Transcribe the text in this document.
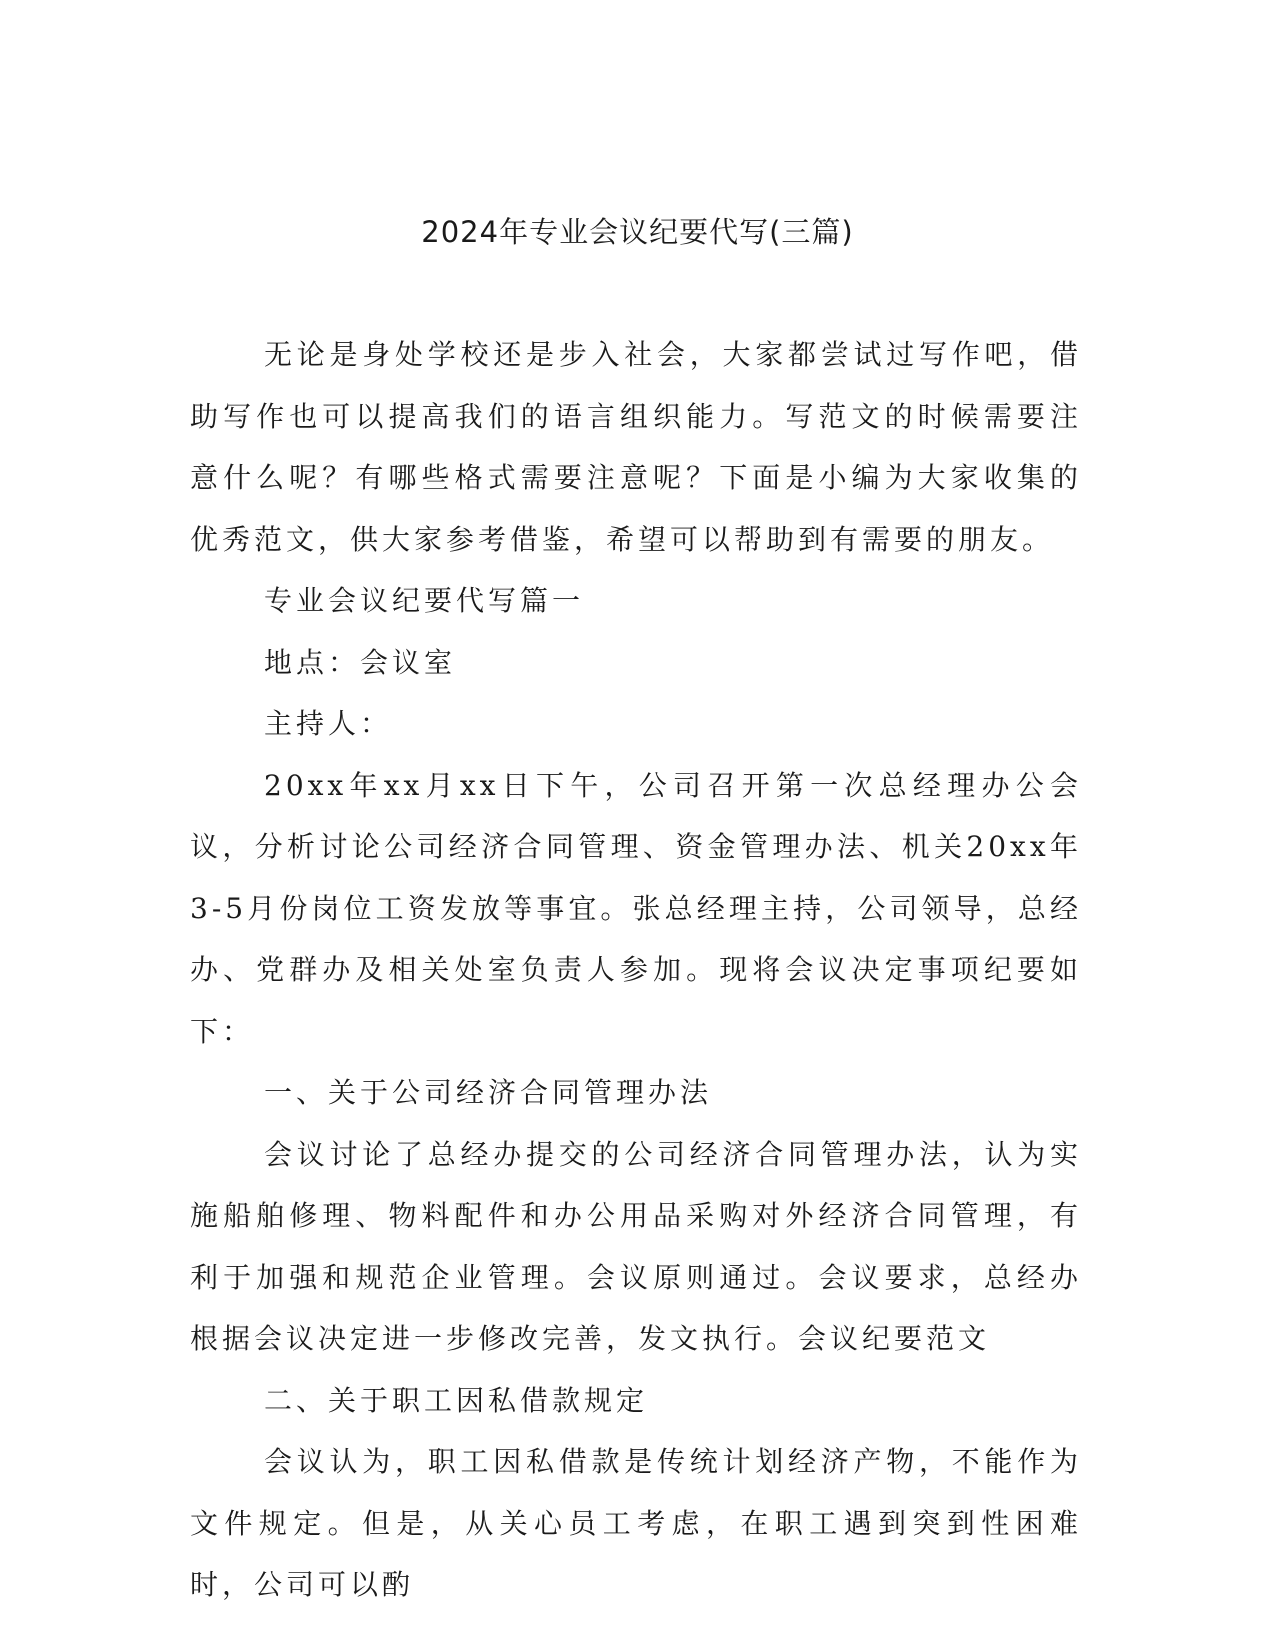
2024年专业会议纪要代写(三篇)

无论是身处学校还是步入社会，大家都尝试过写作吧，借助写作也可以提高我们的语言组织能力。写范文的时候需要注意什么呢？有哪些格式需要注意呢？下面是小编为大家收集的优秀范文，供大家参考借鉴，希望可以帮助到有需要的朋友。

专业会议纪要代写篇一

地点：会议室

主持人：

20xx年xx月xx日下午，公司召开第一次总经理办公会议，分析讨论公司经济合同管理、资金管理办法、机关20xx年3-5月份岗位工资发放等事宜。张总经理主持，公司领导，总经办、党群办及相关处室负责人参加。现将会议决定事项纪要如下：

一、关于公司经济合同管理办法

会议讨论了总经办提交的公司经济合同管理办法，认为实施船舶修理、物料配件和办公用品采购对外经济合同管理，有利于加强和规范企业管理。会议原则通过。会议要求，总经办根据会议决定进一步修改完善，发文执行。会议纪要范文

二、关于职工因私借款规定

会议认为，职工因私借款是传统计划经济产物，不能作为文件规定。但是，从关心员工考虑，在职工遇到突到性困难时，公司可以酌
